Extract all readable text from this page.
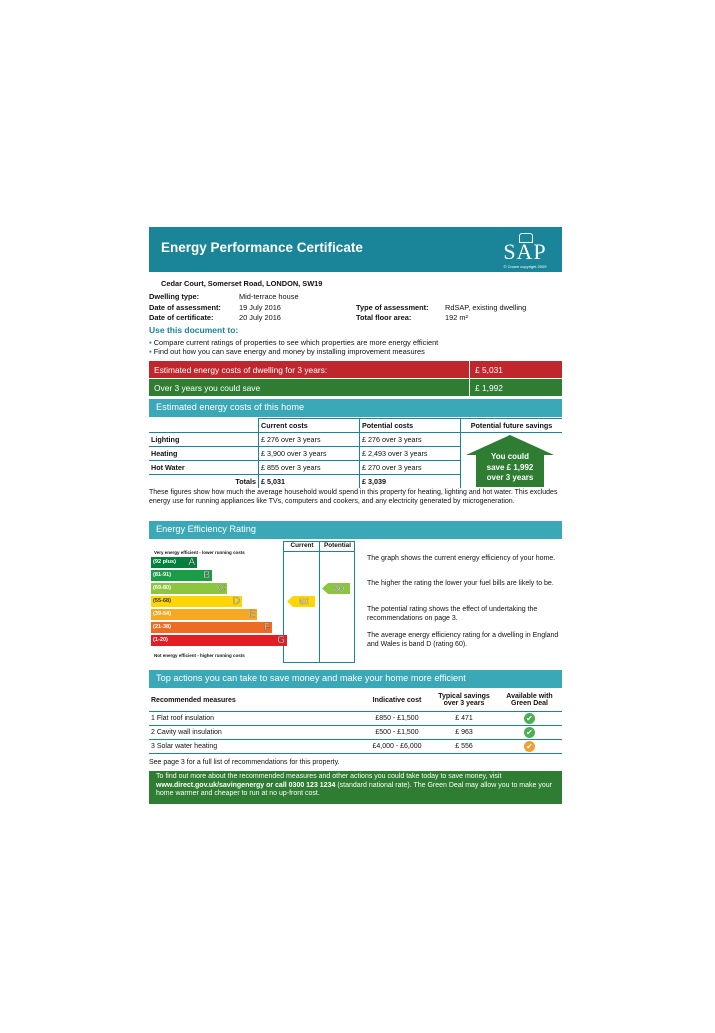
Energy Performance Certificate	SAP
© Crown copyright 2009
Cedar Court, Somerset Road, LONDON, SW19
Dwelling type:	Mid-terrace house
Date of assessment: 19 July 2016
Date of certificate:	20 July 2016
Type of assessment: RdSAP, existing dwelling
Total floor area:	192 m²
Use this document to:
▪ Compare current ratings of properties to see which properties are more energy efficient
▪ Find out how you can save energy and money by installing improvement measures
Estimated energy costs of dwelling for 3 years:	£ 5,031
Over 3 years you could save	£ 1,992
Estimated energy costs of this home
	Current costs	Potential costs	Potential future savings
Lighting	£ 276 over 3 years	£ 276 over 3 years	
Heating	£ 3,900 over 3 years	£ 2,493 over 3 years	
Hot Water	£ 855 over 3 years	£ 270 over 3 years	
Totals	£ 5,031	£ 3,039	
You could
save £ 1,992
over 3 years
These figures show how much the average household would spend in this property for heating, lighting and hot water. This excludes energy use for running appliances like TVs, computers and cookers, and any electricity generated by microgeneration.
Energy Efficiency Rating
Current	Potential
Very energy efficient - lower running costs
Not energy efficient - higher running costs
(92 plus) A
(81-91)	B
(69-80)	C
(55-68)	D
(39-54)	E
(21-38)	F
(1-20)	G
60
80
The graph shows the current energy efficiency of your home.
The higher the rating the lower your fuel bills are likely to be.
The potential rating shows the effect of undertaking the recommendations on page 3.
The average energy efficiency rating for a dwelling in England and Wales is band D (rating 60).
Top actions you can take to save money and make your home more efficient
Recommended measures	Indicative cost	Typical savings over 3 years	Available with Green Deal
1 Flat roof insulation	£850 - £1,500	£ 471	✔
2 Cavity wall insulation	£500 - £1,500	£ 963	✔
3 Solar water heating	£4,000 - £6,000	£ 556	✔
See page 3 for a full list of recommendations for this property.
To find out more about the recommended measures and other actions you could take today to save money, visit www.direct.gov.uk/savingenergy or call 0300 123 1234 (standard national rate). The Green Deal may allow you to make your home warmer and cheaper to run at no up-front cost.
